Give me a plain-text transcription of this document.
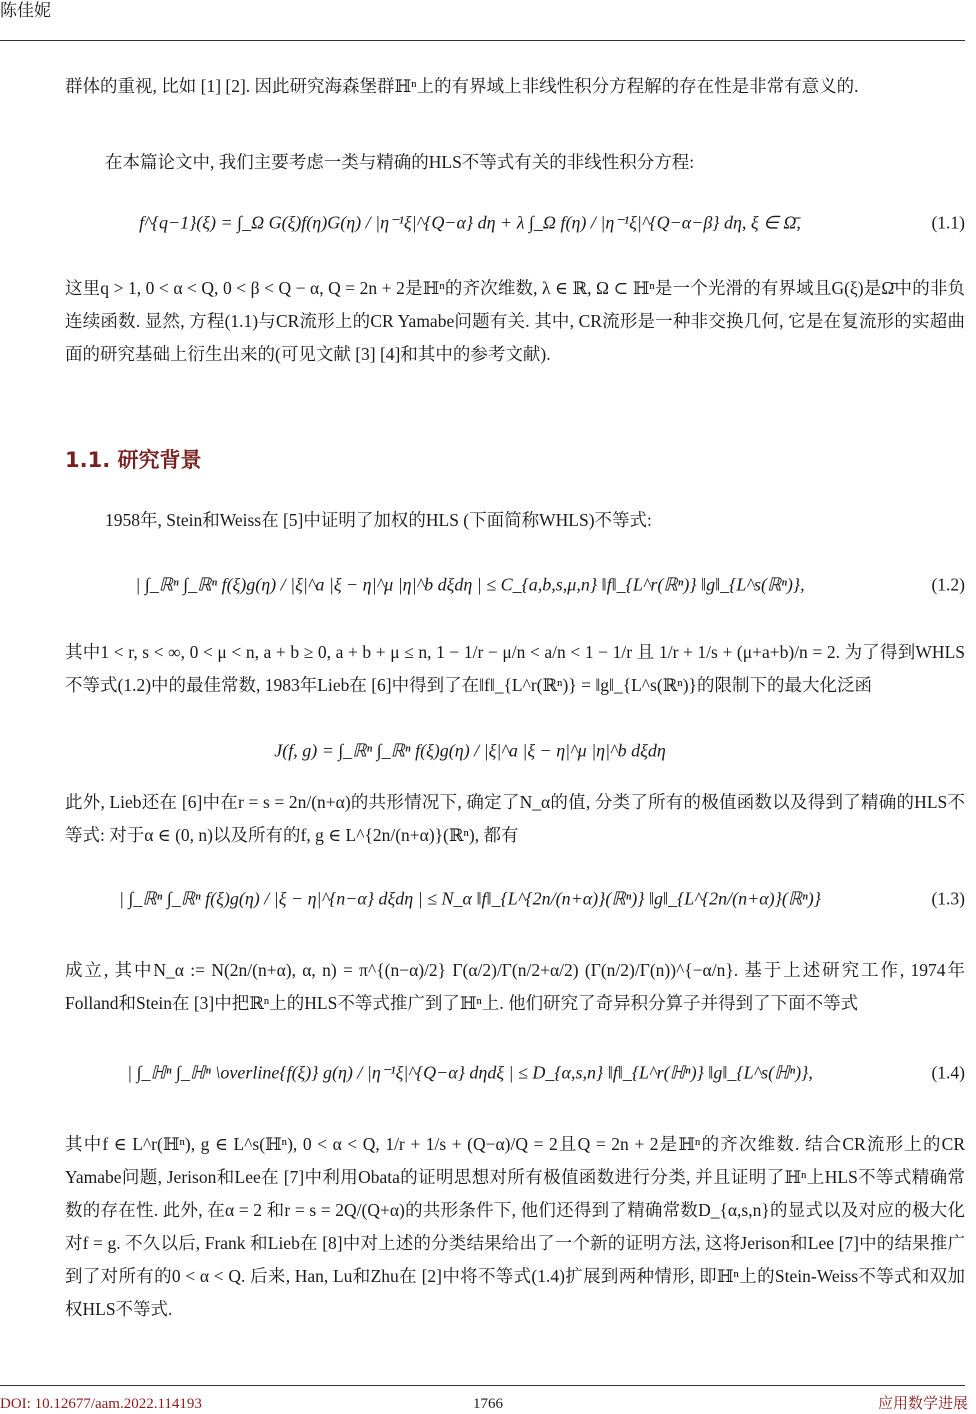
陈佳妮

群体的重视, 比如 [1] [2]. 因此研究海森堡群ℍⁿ上的有界域上非线性积分方程解的存在性是非常有意义的.

在本篇论文中, 我们主要考虑一类与精确的HLS不等式有关的非线性积分方程:

f^{q−1}(ξ) = ∫_Ω G(ξ)f(η)G(η) / |η⁻¹ξ|^{Q−α} dη + λ ∫_Ω f(η) / |η⁻¹ξ|^{Q−α−β} dη, ξ ∈ Ω̄,	(1.1)

这里q > 1, 0 < α < Q, 0 < β < Q − α, Q = 2n + 2是ℍⁿ的齐次维数, λ ∈ ℝ, Ω ⊂ ℍⁿ是一个光滑的有界域且G(ξ)是Ω̄中的非负连续函数. 显然, 方程(1.1)与CR流形上的CR Yamabe问题有关. 其中, CR流形是一种非交换几何, 它是在复流形的实超曲面的研究基础上衍生出来的(可见文献 [3] [4]和其中的参考文献).

1.1. 研究背景

1958年, Stein和Weiss在 [5]中证明了加权的HLS (下面简称WHLS)不等式:

| ∫_ℝⁿ ∫_ℝⁿ f(ξ)g(η) / |ξ|^a |ξ − η|^μ |η|^b dξdη | ≤ C_{a,b,s,μ,n} ‖f‖_{L^r(ℝⁿ)} ‖g‖_{L^s(ℝⁿ)},	(1.2)

其中1 < r, s < ∞, 0 < μ < n, a + b ≥ 0, a + b + μ ≤ n, 1 − 1/r − μ/n < a/n < 1 − 1/r 且 1/r + 1/s + (μ+a+b)/n = 2. 为了得到WHLS不等式(1.2)中的最佳常数, 1983年Lieb在 [6]中得到了在‖f‖_{L^r(ℝⁿ)} = ‖g‖_{L^s(ℝⁿ)}的限制下的最大化泛函

J(f, g) = ∫_ℝⁿ ∫_ℝⁿ f(ξ)g(η) / |ξ|^a |ξ − η|^μ |η|^b dξdη

此外, Lieb还在 [6]中在r = s = 2n/(n+α)的共形情况下, 确定了N_α的值, 分类了所有的极值函数以及得到了精确的HLS不等式: 对于α ∈ (0, n)以及所有的f, g ∈ L^{2n/(n+α)}(ℝⁿ), 都有

| ∫_ℝⁿ ∫_ℝⁿ f(ξ)g(η) / |ξ − η|^{n−α} dξdη | ≤ N_α ‖f‖_{L^{2n/(n+α)}(ℝⁿ)} ‖g‖_{L^{2n/(n+α)}(ℝⁿ)}	(1.3)

成立, 其中N_α := N(2n/(n+α), α, n) = π^{(n−α)/2} Γ(α/2)/Γ(n/2+α/2) (Γ(n/2)/Γ(n))^{−α/n}. 基于上述研究工作, 1974年Folland和Stein在 [3]中把ℝⁿ上的HLS不等式推广到了ℍⁿ上. 他们研究了奇异积分算子并得到了下面不等式

| ∫_ℍⁿ ∫_ℍⁿ \overline{f(ξ)} g(η) / |η⁻¹ξ|^{Q−α} dηdξ | ≤ D_{α,s,n} ‖f‖_{L^r(ℍⁿ)} ‖g‖_{L^s(ℍⁿ)},	(1.4)

其中f ∈ L^r(ℍⁿ), g ∈ L^s(ℍⁿ), 0 < α < Q, 1/r + 1/s + (Q−α)/Q = 2且Q = 2n + 2是ℍⁿ的齐次维数. 结合CR流形上的CR Yamabe问题, Jerison和Lee在 [7]中利用Obata的证明思想对所有极值函数进行分类, 并且证明了ℍⁿ上HLS不等式精确常数的存在性. 此外, 在α = 2 和r = s = 2Q/(Q+α)的共形条件下, 他们还得到了精确常数D_{α,s,n}的显式以及对应的极大化对f = g. 不久以后, Frank 和Lieb在 [8]中对上述的分类结果给出了一个新的证明方法, 这将Jerison和Lee [7]中的结果推广到了对所有的0 < α < Q. 后来, Han, Lu和Zhu在 [2]中将不等式(1.4)扩展到两种情形, 即ℍⁿ上的Stein-Weiss不等式和双加权HLS不等式.

1766
DOI: 10.12677/aam.2022.114193	应用数学进展
